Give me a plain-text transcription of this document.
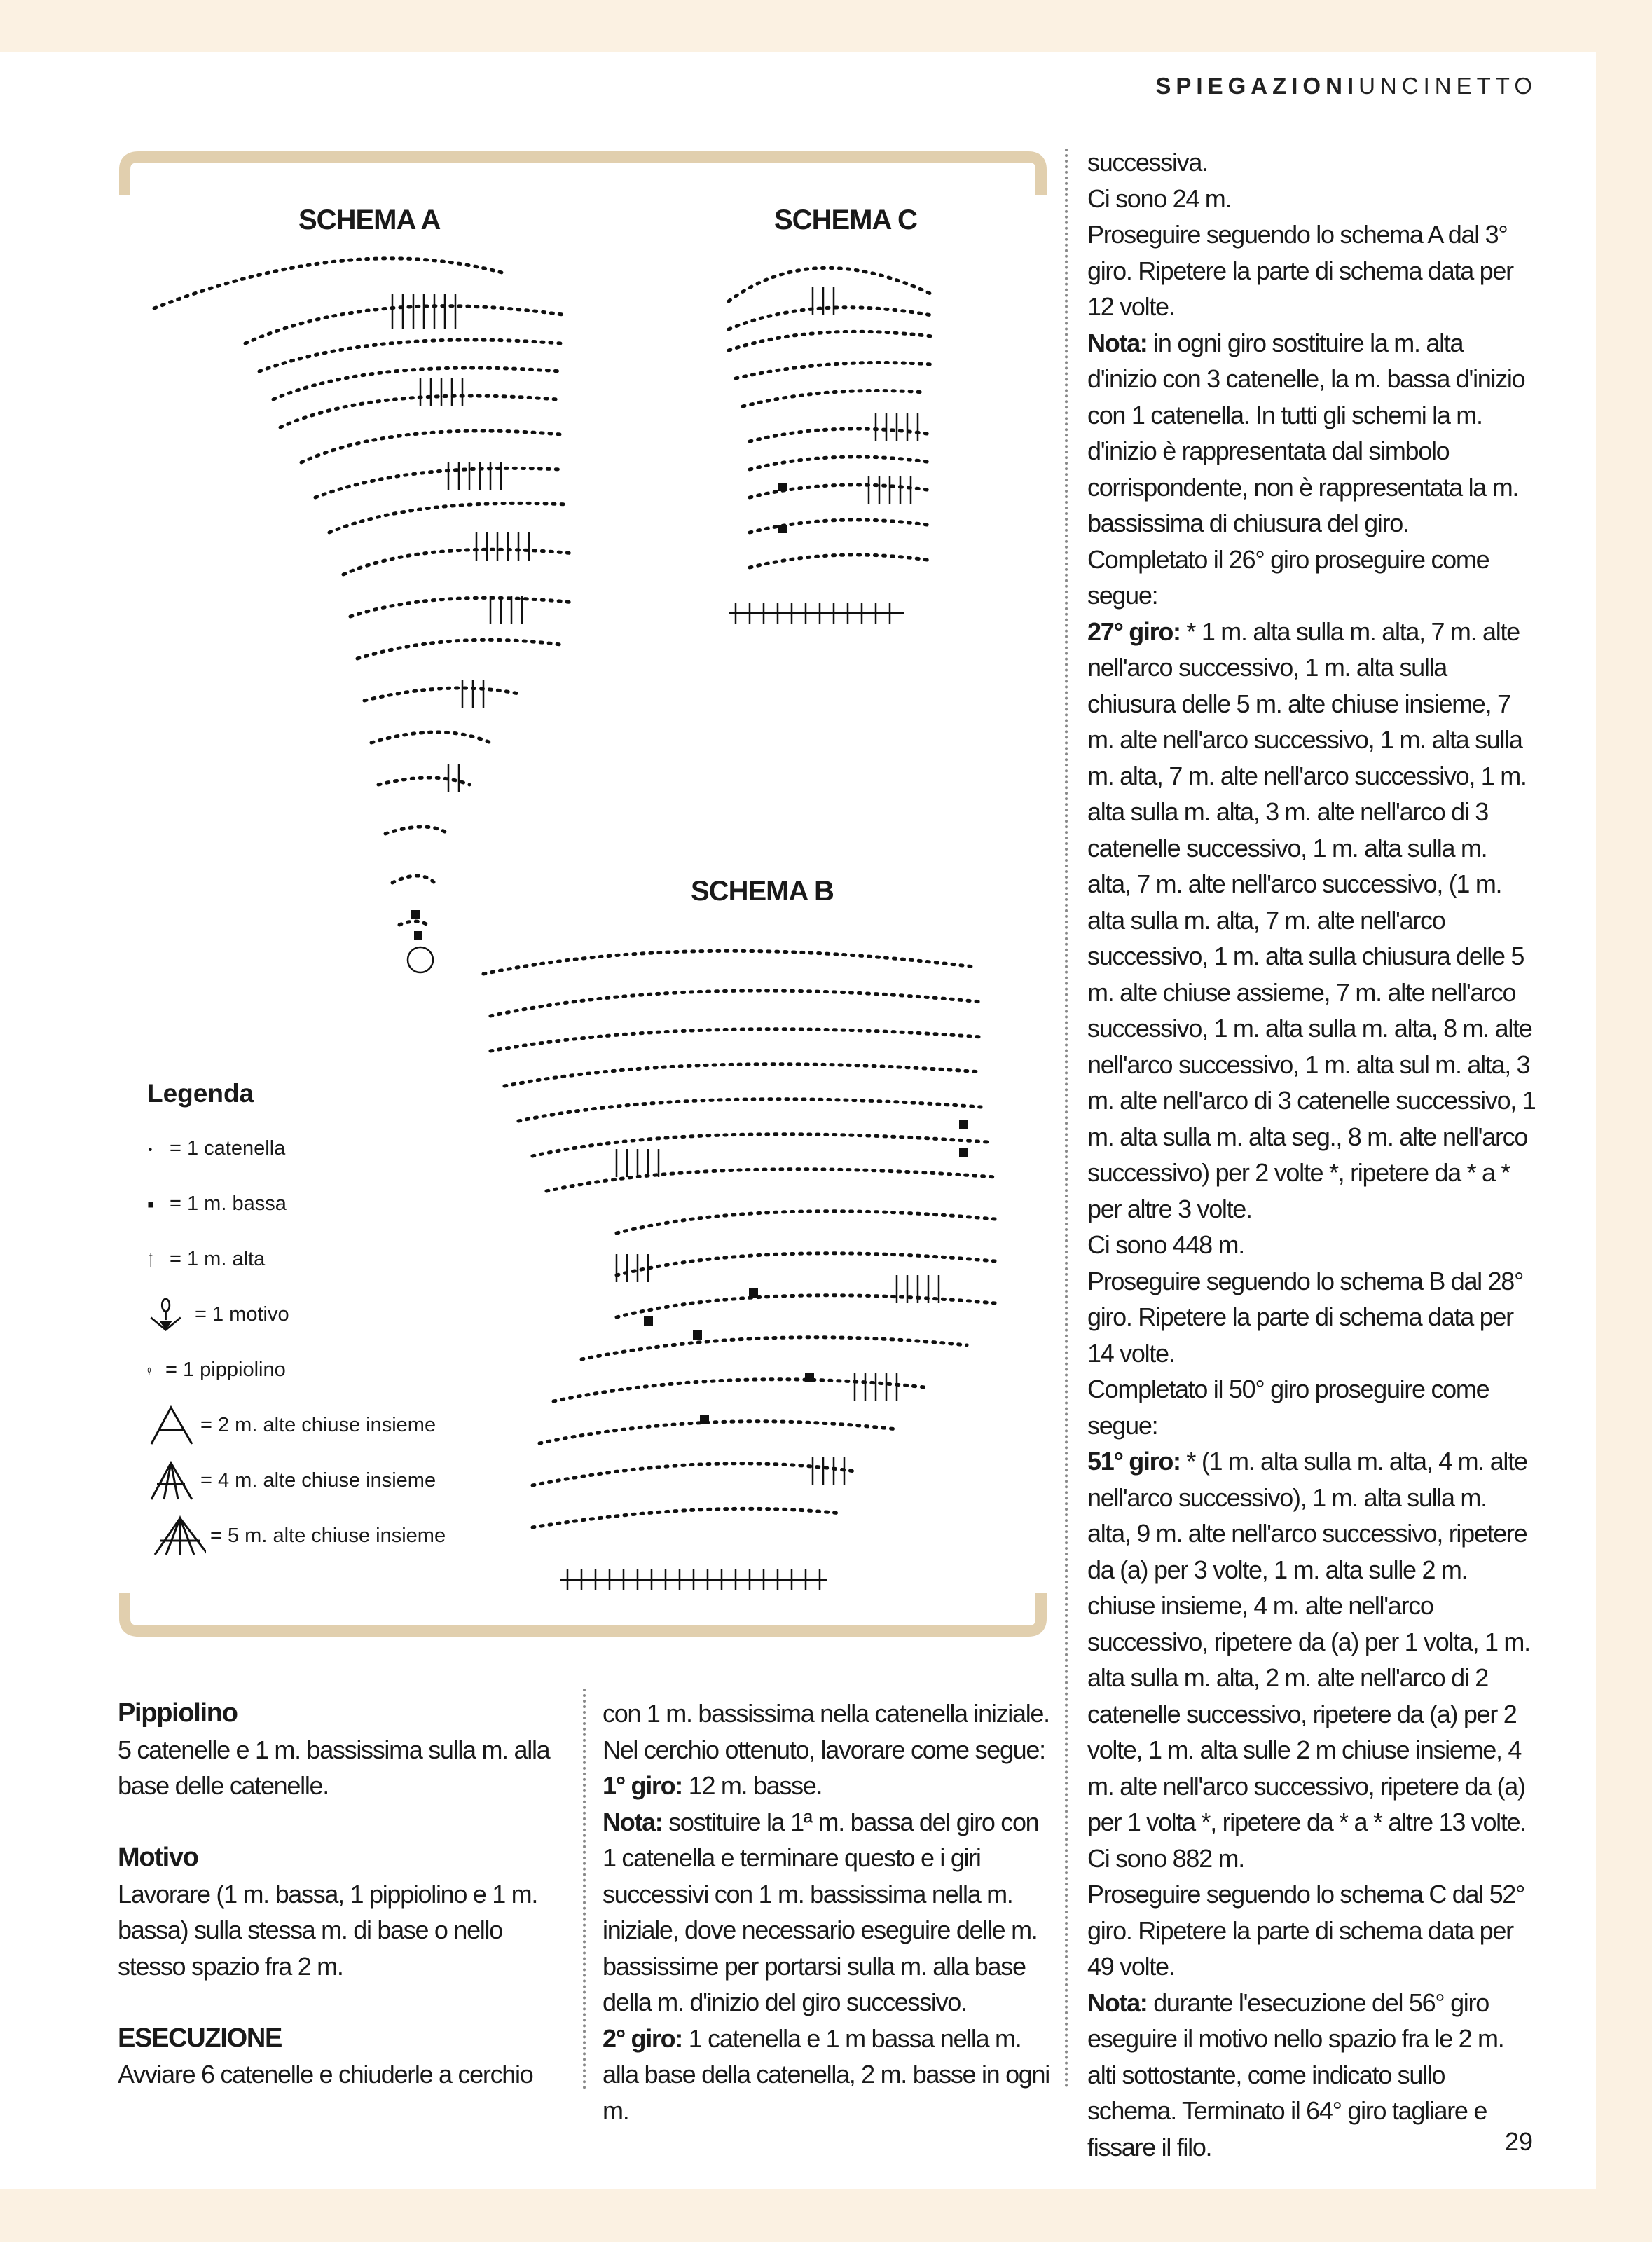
SPIEGAZIONIUNCINETTO
SCHEMA A	SCHEMA C
SCHEMA B
Legenda
= 1 catenella
= 1 m. bassa
= 1 m. alta
= 1 motivo
= 1 pippiolino
= 2 m. alte chiuse insieme
= 4 m. alte chiuse insieme
= 5 m. alte chiuse insieme

Pippiolino

5 catenelle e 1 m. bassissima sulla m. alla base delle catenelle.

Motivo

Lavorare (1 m. bassa, 1 pippiolino e 1 m. bassa) sulla stessa m. di base o nello stesso spazio fra 2 m.

ESECUZIONE

Avviare 6 catenelle e chiuderle a cerchio

con 1 m. bassissima nella catenella iniziale. Nel cerchio ottenuto, lavorare come segue:

1° giro: 12 m. basse.

Nota: sostituire la 1ª m. bassa del giro con 1 catenella e terminare questo e i giri successivi con 1 m. bassissima nella m. iniziale, dove necessario eseguire delle m. bassissime per portarsi sulla m. alla base della m. d'inizio del giro successivo.

2° giro: 1 catenella e 1 m bassa nella m. alla base della catenella, 2 m. basse in ogni m.

successiva.

Ci sono 24 m.

Proseguire seguendo lo schema A dal 3° giro. Ripetere la parte di schema data per 12 volte.

Nota: in ogni giro sostituire la m. alta d'inizio con 3 catenelle, la m. bassa d'inizio con 1 catenella. In tutti gli schemi la m. d'inizio è rappresentata dal simbolo corrispondente, non è rappresentata la m. bassissima di chiusura del giro.

Completato il 26° giro proseguire come segue:

27° giro: * 1 m. alta sulla m. alta, 7 m. alte nell'arco successivo, 1 m. alta sulla chiusura delle 5 m. alte chiuse insieme, 7 m. alte nell'arco successivo, 1 m. alta sulla m. alta, 7 m. alte nell'arco successivo, 1 m. alta sulla m. alta, 3 m. alte nell'arco di 3 catenelle successivo, 1 m. alta sulla m. alta, 7 m. alte nell'arco successivo, (1 m. alta sulla m. alta, 7 m. alte nell'arco successivo, 1 m. alta sulla chiusura delle 5 m. alte chiuse assieme, 7 m. alte nell'arco successivo, 1 m. alta sulla m. alta, 8 m. alte nell'arco successivo, 1 m. alta sul m. alta, 3 m. alte nell'arco di 3 catenelle successivo, 1 m. alta sulla m. alta seg., 8 m. alte nell'arco successivo) per 2 volte *, ripetere da * a * per altre 3 volte.

Ci sono 448 m.

Proseguire seguendo lo schema B dal 28° giro. Ripetere la parte di schema data per 14 volte.

Completato il 50° giro proseguire come segue:

51° giro: * (1 m. alta sulla m. alta, 4 m. alte nell'arco successivo), 1 m. alta sulla m. alta, 9 m. alte nell'arco successivo, ripetere da (a) per 3 volte, 1 m. alta sulle 2 m. chiuse insieme, 4 m. alte nell'arco successivo, ripetere da (a) per 1 volta, 1 m. alta sulla m. alta, 2 m. alte nell'arco di 2 catenelle successivo, ripetere da (a) per 2 volte, 1 m. alta sulle 2 m chiuse insieme, 4 m. alte nell'arco successivo, ripetere da (a) per 1 volta *, ripetere da * a * altre 13 volte.

Ci sono 882 m.

Proseguire seguendo lo schema C dal 52° giro. Ripetere la parte di schema data per 49 volte.

Nota: durante l'esecuzione del 56° giro eseguire il motivo nello spazio fra le 2 m. alti sottostante, come indicato sullo schema. Terminato il 64° giro tagliare e fissare il filo.	29
